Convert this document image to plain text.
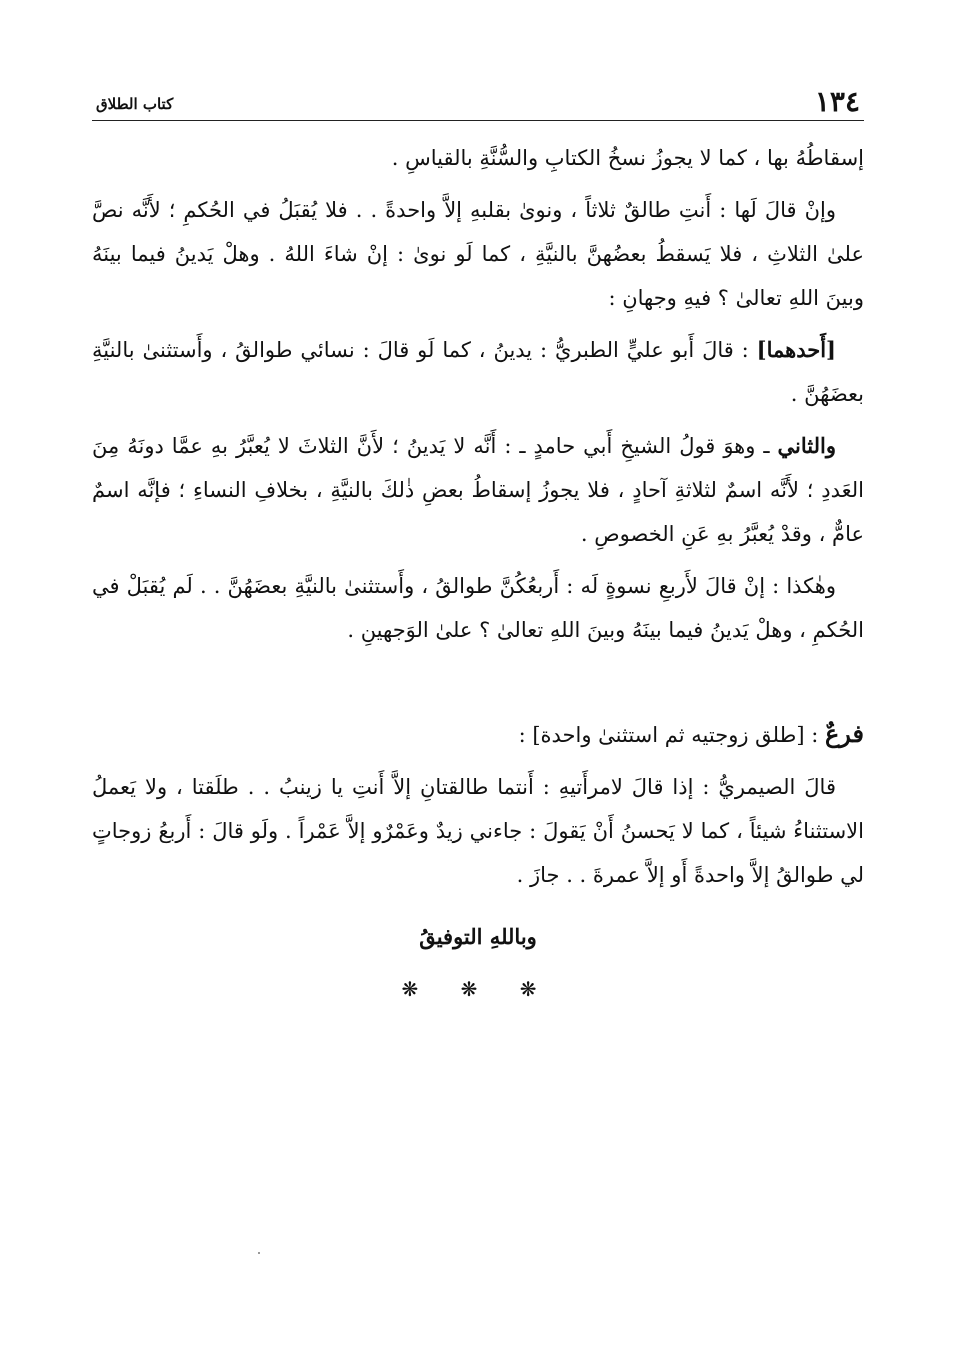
١٣٤
كتاب الطلاق

إسقاطُهُ بها ، كما لا يجوزُ نسخُ الكتابِ والسُّنَّةِ بالقياسِ .

وإنْ قالَ لَها : أَنتِ طالقٌ ثلاثاً ، ونوىٰ بقلبهِ إلاَّ واحدةً . . فلا يُقبَلُ في الحُكمِ ؛ لأَنَّه نصَّ علىٰ الثلاثِ ، فلا يَسقطُ بعضُهنَّ بالنيَّةِ ، كما لَو نوىٰ : إنْ شاءَ اللهُ . وهلْ يَدينُ فيما بينَهُ وبينَ اللهِ تعالىٰ ؟ فيهِ وجهانِ :

[أَحدهما] : قالَ أَبو عليٍّ الطبريُّ : يدينُ ، كما لَو قالَ : نسائي طوالقُ ، وأَستثنىٰ بالنيَّةِ بعضَهُنَّ .

والثاني ـ وهوَ قولُ الشيخِ أَبي حامدٍ ـ : أَنَّه لا يَدينُ ؛ لأَنَّ الثلاثَ لا يُعبَّرُ بهِ عمَّا دونَهُ مِنَ العَددِ ؛ لأَنَّه اسمٌ لثلاثةِ آحادٍ ، فلا يجوزُ إسقاطُ بعضِ ذٰلكَ بالنيَّةِ ، بخلافِ النساءِ ؛ فإنَّه اسمٌ عامٌّ ، وقدْ يُعبَّرُ بهِ عَنِ الخصوصِ .

وهٰكذا : إنْ قالَ لأَربعِ نسوةٍ لَه : أَربعُكُنَّ طوالقُ ، وأَستثنىٰ بالنيَّةِ بعضَهُنَّ . . لَم يُقبَلْ في الحُكمِ ، وهلْ يَدينُ فيما بينَهُ وبينَ اللهِ تعالىٰ ؟ علىٰ الوَجهينِ .

فرعٌ : [طلق زوجتيه ثم استثنىٰ واحدة] :

قالَ الصيمريُّ : إذا قالَ لامرأَتيهِ : أَنتما طالقتانِ إلاَّ أَنتِ يا زينبُ . . طلَقتا ، ولا يَعملُ الاستثناءُ شيئاً ، كما لا يَحسنُ أَنْ يَقولَ : جاءني زيدٌ وعَمْرٌو إلاَّ عَمْراً . ولَو قالَ : أَربعُ زوجاتٍ لي طوالقُ إلاَّ واحدةً أَو إلاَّ عمرةَ . . جازَ .

وباللهِ التوفيقُ
❋ ❋ ❋
